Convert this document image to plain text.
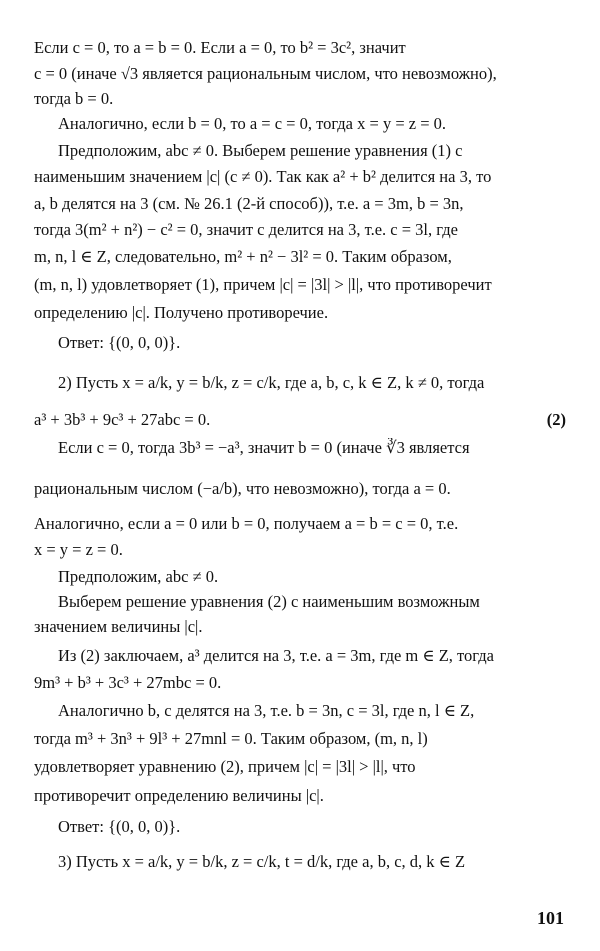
Если c = 0, то a = b = 0. Если a = 0, то b² = 3c², значит
c = 0 (иначе √3 является рациональным числом, что невозможно),
тогда b = 0.
Аналогично, если b = 0, то a = c = 0, тогда x = y = z = 0.
Предположим, abc ≠ 0. Выберем решение уравнения (1) с
наименьшим значением |c| (c ≠ 0). Так как a² + b² делится на 3, то
a, b делятся на 3 (см. № 26.1 (2-й способ)), т.е. a = 3m, b = 3n,
тогда 3(m² + n²) − c² = 0, значит c делится на 3, т.е. c = 3l, где
m, n, l ∈ Z, следовательно, m² + n² − 3l² = 0. Таким образом,
(m, n, l) удовлетворяет (1), причем |c| = |3l| > |l|, что противоречит
определению |c|. Получено противоречие.
Ответ: {(0, 0, 0)}.
2) Пусть x = a/k, y = b/k, z = c/k, где a, b, c, k ∈ Z, k ≠ 0, тогда
a³ + 3b³ + 9c³ + 27abc = 0.	(2)
Если c = 0, тогда 3b³ = −a³, значит b = 0 (иначе ∛3 является
рациональным числом (−a/b), что невозможно), тогда a = 0.
Аналогично, если a = 0 или b = 0, получаем a = b = c = 0, т.е.
x = y = z = 0.
Предположим, abc ≠ 0.
Выберем решение уравнения (2) с наименьшим возможным
значением величины |c|.
Из (2) заключаем, a³ делится на 3, т.е. a = 3m, где m ∈ Z, тогда
9m³ + b³ + 3c³ + 27mbc = 0.
Аналогично b, c делятся на 3, т.е. b = 3n, c = 3l, где n, l ∈ Z,
тогда m³ + 3n³ + 9l³ + 27mnl = 0. Таким образом, (m, n, l)
удовлетворяет уравнению (2), причем |c| = |3l| > |l|, что
противоречит определению величины |c|.
Ответ: {(0, 0, 0)}.
3) Пусть x = a/k, y = b/k, z = c/k, t = d/k, где a, b, c, d, k ∈ Z
101
